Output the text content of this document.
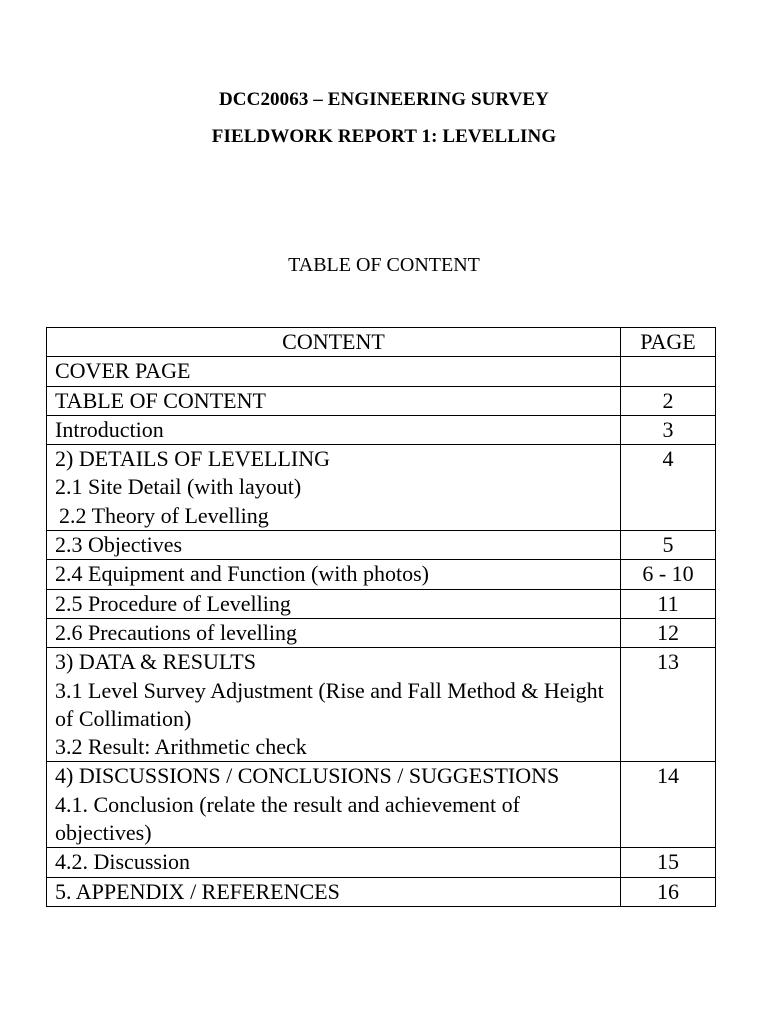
DCC20063 – ENGINEERING SURVEY
FIELDWORK REPORT 1: LEVELLING
TABLE OF CONTENT
CONTENT	PAGE

COVER PAGE	

TABLE OF CONTENT	2

Introduction	3

2) DETAILS OF LEVELLING
2.1 Site Detail (with layout)
2.2 Theory of Levelling	4

2.3 Objectives	5

2.4 Equipment and Function (with photos)	6 - 10

2.5 Procedure of Levelling	11

2.6 Precautions of levelling	12

3) DATA & RESULTS
3.1 Level Survey Adjustment (Rise and Fall Method & Height of Collimation)
3.2 Result: Arithmetic check	13

4) DISCUSSIONS / CONCLUSIONS / SUGGESTIONS
4.1. Conclusion (relate the result and achievement of objectives)	14

4.2. Discussion	15

5. APPENDIX / REFERENCES	16
